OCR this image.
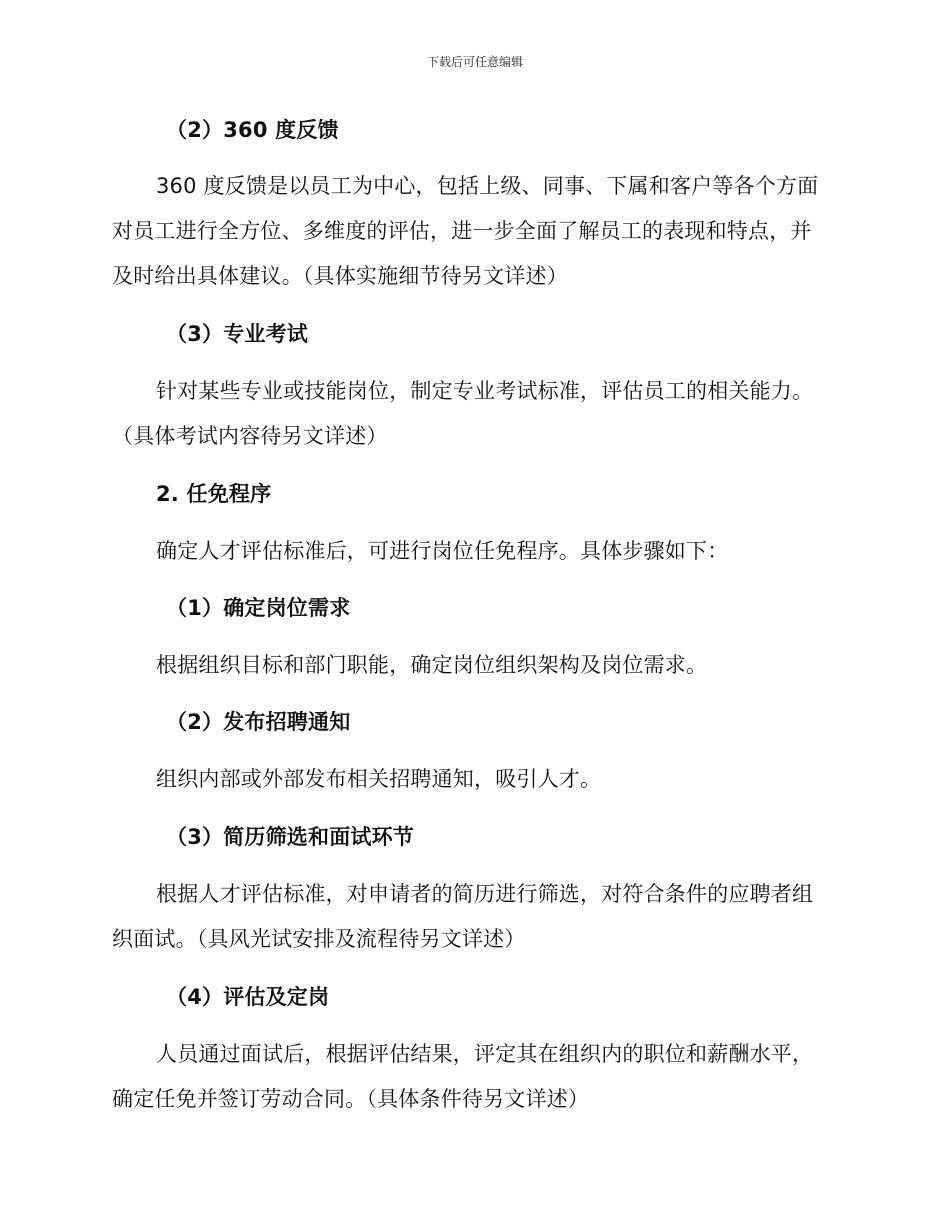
下载后可任意编辑
（2）360 度反馈
360 度反馈是以员工为中心，包括上级、同事、下属和客户等各个方面
对员工进行全方位、多维度的评估，进一步全面了解员工的表现和特点，并
及时给出具体建议。（具体实施细节待另文详述）
（3）专业考试
针对某些专业或技能岗位，制定专业考试标准，评估员工的相关能力。
（具体考试内容待另文详述）
2. 任免程序
确定人才评估标准后，可进行岗位任免程序。具体步骤如下：
（1）确定岗位需求
根据组织目标和部门职能，确定岗位组织架构及岗位需求。
（2）发布招聘通知
组织内部或外部发布相关招聘通知，吸引人才。
（3）简历筛选和面试环节
根据人才评估标准，对申请者的简历进行筛选，对符合条件的应聘者组
织面试。（具风光试安排及流程待另文详述）
（4）评估及定岗
人员通过面试后，根据评估结果，评定其在组织内的职位和薪酬水平，
确定任免并签订劳动合同。（具体条件待另文详述）
